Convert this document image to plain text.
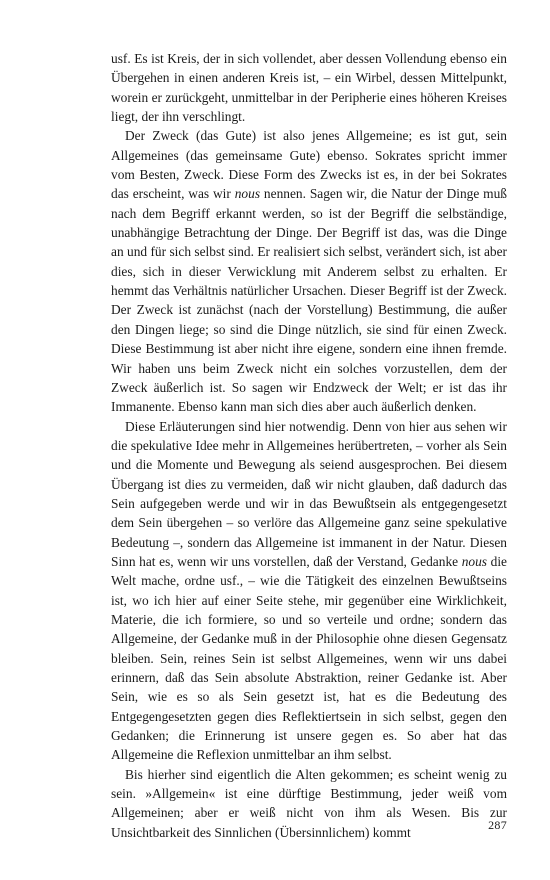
usf. Es ist Kreis, der in sich vollendet, aber dessen Vollendung ebenso ein Übergehen in einen anderen Kreis ist, – ein Wirbel, dessen Mittelpunkt, worein er zurückgeht, unmittelbar in der Peripherie eines höheren Kreises liegt, der ihn verschlingt.

Der Zweck (das Gute) ist also jenes Allgemeine; es ist gut, sein Allgemeines (das gemeinsame Gute) ebenso. Sokrates spricht immer vom Besten, Zweck. Diese Form des Zwecks ist es, in der bei Sokrates das erscheint, was wir nous nennen. Sagen wir, die Natur der Dinge muß nach dem Begriff erkannt werden, so ist der Begriff die selbständige, unabhängige Betrachtung der Dinge. Der Begriff ist das, was die Dinge an und für sich selbst sind. Er realisiert sich selbst, verändert sich, ist aber dies, sich in dieser Verwicklung mit Anderem selbst zu erhalten. Er hemmt das Verhältnis natürlicher Ursachen. Dieser Begriff ist der Zweck. Der Zweck ist zunächst (nach der Vorstellung) Bestimmung, die außer den Dingen liege; so sind die Dinge nützlich, sie sind für einen Zweck. Diese Bestimmung ist aber nicht ihre eigene, sondern eine ihnen fremde. Wir haben uns beim Zweck nicht ein solches vorzustellen, dem der Zweck äußerlich ist. So sagen wir Endzweck der Welt; er ist das ihr Immanente. Ebenso kann man sich dies aber auch äußerlich denken.

Diese Erläuterungen sind hier notwendig. Denn von hier aus sehen wir die spekulative Idee mehr in Allgemeines herübertreten, – vorher als Sein und die Momente und Bewegung als seiend ausgesprochen. Bei diesem Übergang ist dies zu vermeiden, daß wir nicht glauben, daß dadurch das Sein aufgegeben werde und wir in das Bewußtsein als entgegengesetzt dem Sein übergehen – so verlöre das Allgemeine ganz seine spekulative Bedeutung –, sondern das Allgemeine ist immanent in der Natur. Diesen Sinn hat es, wenn wir uns vorstellen, daß der Verstand, Gedanke nous die Welt mache, ordne usf., – wie die Tätigkeit des einzelnen Bewußtseins ist, wo ich hier auf einer Seite stehe, mir gegenüber eine Wirklichkeit, Materie, die ich formiere, so und so verteile und ordne; sondern das Allgemeine, der Gedanke muß in der Philosophie ohne diesen Gegensatz bleiben. Sein, reines Sein ist selbst Allgemeines, wenn wir uns dabei erinnern, daß das Sein absolute Abstraktion, reiner Gedanke ist. Aber Sein, wie es so als Sein gesetzt ist, hat es die Bedeutung des Entgegengesetzten gegen dies Reflektiertsein in sich selbst, gegen den Gedanken; die Erinnerung ist unsere gegen es. So aber hat das Allgemeine die Reflexion unmittelbar an ihm selbst.

Bis hierher sind eigentlich die Alten gekommen; es scheint wenig zu sein. »Allgemein« ist eine dürftige Bestimmung, jeder weiß vom Allgemeinen; aber er weiß nicht von ihm als Wesen. Bis zur Unsichtbarkeit des Sinnlichen (Übersinnlichem) kommt	287
